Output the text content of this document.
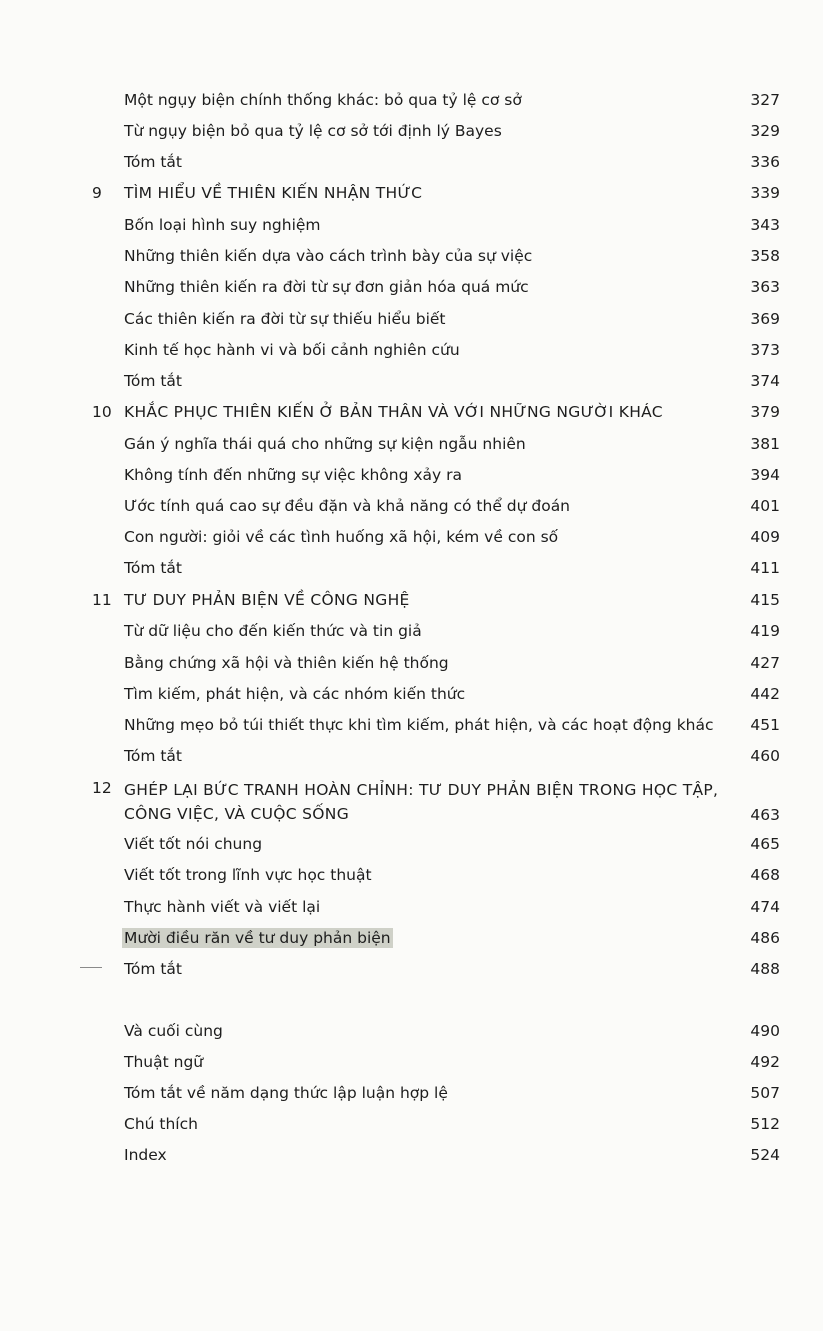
Một ngụy biện chính thống khác: bỏ qua tỷ lệ cơ sở	327
Từ ngụy biện bỏ qua tỷ lệ cơ sở tới định lý Bayes	329
Tóm tắt	336
9	TÌM HIỂU VỀ THIÊN KIẾN NHẬN THỨC	339
Bốn loại hình suy nghiệm	343
Những thiên kiến dựa vào cách trình bày của sự việc	358
Những thiên kiến ra đời từ sự đơn giản hóa quá mức	363
Các thiên kiến ra đời từ sự thiếu hiểu biết	369
Kinh tế học hành vi và bối cảnh nghiên cứu	373
Tóm tắt	374
10 KHẮC PHỤC THIÊN KIẾN Ở BẢN THÂN VÀ VỚI NHỮNG NGƯỜI KHÁC	379
Gán ý nghĩa thái quá cho những sự kiện ngẫu nhiên	381
Không tính đến những sự việc không xảy ra	394
Ước tính quá cao sự đều đặn và khả năng có thể dự đoán	401
Con người: giỏi về các tình huống xã hội, kém về con số	409
Tóm tắt	411
11 TƯ DUY PHẢN BIỆN VỀ CÔNG NGHỆ	415
Từ dữ liệu cho đến kiến thức và tin giả	419
Bằng chứng xã hội và thiên kiến hệ thống	427
Tìm kiếm, phát hiện, và các nhóm kiến thức	442
Những mẹo bỏ túi thiết thực khi tìm kiếm, phát hiện, và các hoạt động khác 451
Tóm tắt	460
12 GHÉP LẠI BỨC TRANH HOÀN CHỈNH: TƯ DUY PHẢN BIỆN TRONG HỌC TẬP, CÔNG VIỆC, VÀ CUỘC SỐNG	463
Viết tốt nói chung	465
Viết tốt trong lĩnh vực học thuật	468
Thực hành viết và viết lại	474
Mười điều răn về tư duy phản biện	486
Tóm tắt	488
Và cuối cùng	490
Thuật ngữ	492
Tóm tắt về năm dạng thức lập luận hợp lệ	507
Chú thích	512
Index	524
